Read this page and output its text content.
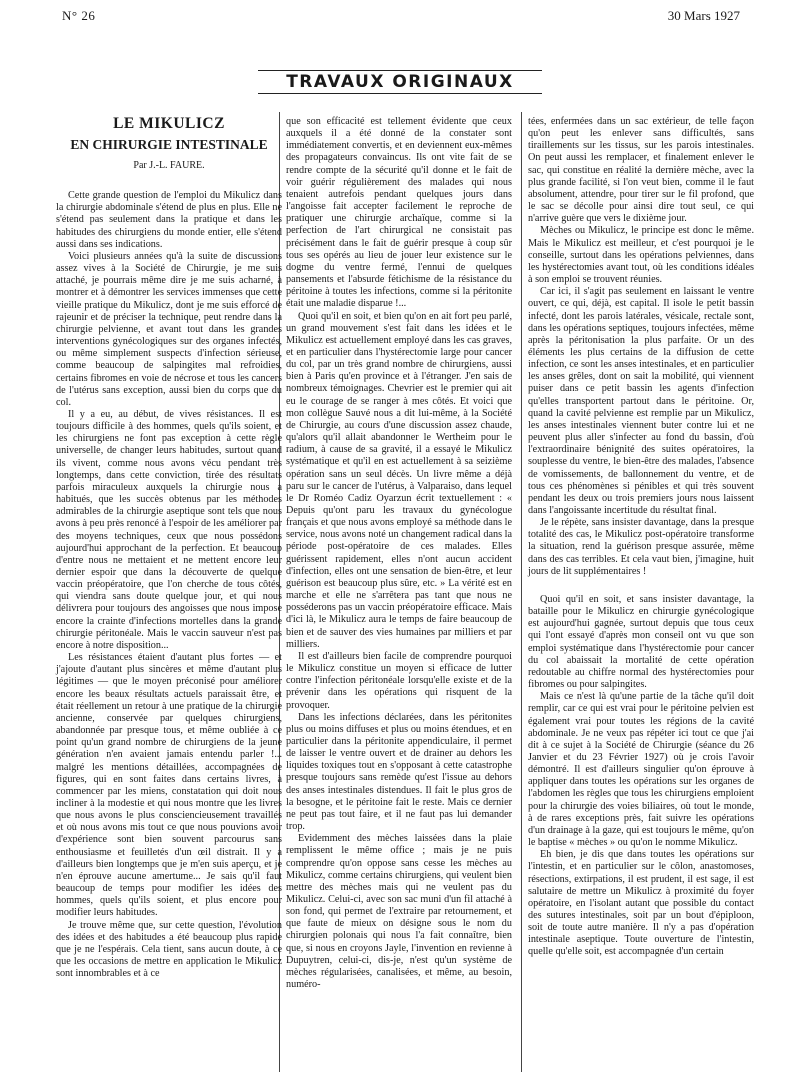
N° 26	30 Mars 1927
TRAVAUX ORIGINAUX
LE MIKULICZ
EN CHIRURGIE INTESTINALE
Par J.-L. FAURE.

Cette grande question de l'emploi du Mikulicz dans la chirurgie abdominale s'étend de plus en plus. Elle ne s'étend pas seulement dans la pratique et dans les habitudes des chirurgiens du monde entier, elle s'étend aussi dans ses indications.

Voici plusieurs années qu'à la suite de discussions assez vives à la Société de Chirurgie, je me suis attaché, je pourrais même dire je me suis acharné, à montrer et à démontrer les services immenses que cette vieille pratique du Mikulicz, dont je me suis efforcé de rajeunir et de préciser la technique, peut rendre dans la chirurgie pelvienne, et avant tout dans les grandes interventions gynécologiques sur des organes infectés, ou même simplement suspects d'infection sérieuse, comme beaucoup de salpingites mal refroidies, certains fibromes en voie de nécrose et tous les cancers de l'utérus sans exception, aussi bien du corps que du col.

Il y a eu, au début, de vives résistances. Il est toujours difficile à des hommes, quels qu'ils soient, et les chirurgiens ne font pas exception à cette règle universelle, de changer leurs habitudes, surtout quand ils vivent, comme nous avons vécu pendant très longtemps, dans cette conviction, tirée des résultats parfois miraculeux auxquels la chirurgie nous a habitués, que les succès obtenus par les méthodes admirables de la chirurgie aseptique sont tels que nous avons à peu près renoncé à l'espoir de les améliorer par des moyens techniques, ceux que nous possédons aujourd'hui approchant de la perfection. Et beaucoup d'entre nous ne mettaient et ne mettent encore leur dernier espoir que dans la découverte de quelque vaccin préopératoire, que l'on cherche de tous côtés, qui viendra sans doute quelque jour, et qui nous délivrera pour toujours des angoisses que nous impose encore la crainte d'infections mortelles dans la grande chirurgie péritonéale. Mais le vaccin sauveur n'est pas encore à notre disposition...

Les résistances étaient d'autant plus fortes — et j'ajoute d'autant plus sincères et même d'autant plus légitimes — que le moyen préconisé pour améliorer encore les beaux résultats actuels paraissait être, et était réellement un retour à une pratique de la chirurgie ancienne, conservée par quelques chirurgiens, abandonnée par presque tous, et même oubliée à ce point qu'un grand nombre de chirurgiens de la jeune génération n'en avaient jamais entendu parler !... malgré les mentions détaillées, accompagnées de figures, qui en sont faites dans certains livres, à commencer par les miens, constatation qui doit nous incliner à la modestie et qui nous montre que les livres que nous avons le plus consciencieusement travaillés et où nous avons mis tout ce que nous pouvions avoir d'expérience sont bien souvent parcourus sans enthousiasme et feuilletés d'un œil distrait. Il y a d'ailleurs bien longtemps que je m'en suis aperçu, et je n'en éprouve aucune amertume... Je sais qu'il faut beaucoup de temps pour modifier les idées des hommes, quels qu'ils soient, et plus encore pour modifier leurs habitudes.

Je trouve même que, sur cette question, l'évolution des idées et des habitudes a été beaucoup plus rapide que je ne l'espérais. Cela tient, sans aucun doute, à ce que les occasions de mettre en application le Mikulicz sont innombrables et à ce

que son efficacité est tellement évidente que ceux auxquels il a été donné de la constater sont immédiatement convertis, et en deviennent eux-mêmes des propagateurs convaincus. Ils ont vite fait de se rendre compte de la sécurité qu'il donne et le fait de voir guérir régulièrement des malades qui nous tenaient autrefois pendant quelques jours dans l'angoisse fait accepter facilement le reproche de pratiquer une chirurgie archaïque, comme si la perfection de l'art chirurgical ne consistait pas précisément dans le fait de guérir presque à coup sûr tous ses opérés au lieu de jouer leur existence sur le dogme du ventre fermé, l'ennui de quelques pansements et l'absurde fétichisme de la résistance du péritoine à toutes les infections, comme si la péritonite était une maladie disparue !...

Quoi qu'il en soit, et bien qu'on en ait fort peu parlé, un grand mouvement s'est fait dans les idées et le Mikulicz est actuellement employé dans les cas graves, et en particulier dans l'hystérectomie large pour cancer du col, par un très grand nombre de chirurgiens, aussi bien à Paris qu'en province et à l'étranger. J'en sais de nombreux témoignages. Chevrier est le premier qui ait eu le courage de se ranger à mes côtés. Et voici que mon collègue Sauvé nous a dit lui-même, à la Société de Chirurgie, au cours d'une discussion assez chaude, qu'alors qu'il allait abandonner le Wertheim pour le radium, à cause de sa gravité, il a essayé le Mikulicz systématique et qu'il en est actuellement à sa seizième opération sans un seul décès. Un livre même a déjà paru sur le cancer de l'utérus, à Valparaiso, dans lequel le Dr Roméo Cadiz Oyarzun écrit textuellement : « Depuis qu'ont paru les travaux du gynécologue français et que nous avons employé sa méthode dans le service, nous avons noté un changement radical dans la période post-opératoire de ces malades. Elles guérissent rapidement, elles n'ont aucun accident d'infection, elles ont une sensation de bien-être, et leur guérison est beaucoup plus sûre, etc. » La vérité est en marche et elle ne s'arrêtera pas tant que nous ne posséderons pas un vaccin préopératoire efficace. Mais d'ici là, le Mikulicz aura le temps de faire beaucoup de bien et de sauver des vies humaines par milliers et par milliers.

Il est d'ailleurs bien facile de comprendre pourquoi le Mikulicz constitue un moyen si efficace de lutter contre l'infection péritonéale lorsqu'elle existe et de la prévenir dans les opérations qui risquent de la provoquer.

Dans les infections déclarées, dans les péritonites plus ou moins diffuses et plus ou moins étendues, et en particulier dans la péritonite appendiculaire, il permet de laisser le ventre ouvert et de drainer au dehors les liquides toxiques tout en s'opposant à cette catastrophe presque toujours sans remède qu'est l'issue au dehors des anses intestinales distendues. Il fait le plus gros de la besogne, et le péritoine fait le reste. Mais ce dernier ne peut pas tout faire, et il ne faut pas lui demander trop.

Evidemment des mèches laissées dans la plaie remplissent le même office ; mais je ne puis comprendre qu'on oppose sans cesse les mèches au Mikulicz, comme certains chirurgiens, qui veulent bien mettre des mèches mais qui ne veulent pas du Mikulicz. Celui-ci, avec son sac muni d'un fil attaché à son fond, qui permet de l'extraire par retournement, et que faute de mieux on désigne sous le nom du chirurgien polonais qui nous l'a fait connaître, bien que, si nous en croyons Jayle, l'invention en revienne à Dupuytren, celui-ci, dis-je, n'est qu'un système de mèches régularisées, canalisées, et même, au besoin, numéro-

tées, enfermées dans un sac extérieur, de telle façon qu'on peut les enlever sans difficultés, sans tiraillements sur les tissus, sur les parois intestinales. On peut aussi les remplacer, et finalement enlever le sac, qui constitue en réalité la dernière mèche, avec la plus grande facilité, si l'on veut bien, comme il le faut absolument, attendre, pour tirer sur le fil profond, que le sac se décolle pour ainsi dire tout seul, ce qui n'arrive guère que vers le dixième jour.

Mèches ou Mikulicz, le principe est donc le même. Mais le Mikulicz est meilleur, et c'est pourquoi je le conseille, surtout dans les opérations pelviennes, dans les hystérectomies avant tout, où les conditions idéales à son emploi se trouvent réunies.

Car ici, il s'agit pas seulement en laissant le ventre ouvert, ce qui, déjà, est capital. Il isole le petit bassin infecté, dont les parois latérales, vésicale, rectale sont, dans les opérations septiques, toujours infectées, même après la péritonisation la plus parfaite. Or un des éléments les plus certains de la diffusion de cette infection, ce sont les anses intestinales, et en particulier les anses grêles, dont on sait la mobilité, qui viennent puiser dans ce petit bassin les agents d'infection qu'elles transportent partout dans le péritoine. Or, quand la cavité pelvienne est remplie par un Mikulicz, les anses intestinales viennent buter contre lui et ne peuvent plus aller s'infecter au fond du bassin, d'où l'extraordinaire bénignité des suites opératoires, la souplesse du ventre, le bien-être des malades, l'absence de vomissements, de ballonnement du ventre, et de tous ces phénomènes si pénibles et qui très souvent pendant les deux ou trois premiers jours nous laissent dans l'angoissante incertitude du résultat final.

Je le répète, sans insister davantage, dans la presque totalité des cas, le Mikulicz post-opératoire transforme la situation, rend la guérison presque assurée, même dans des cas terribles. Et cela vaut bien, j'imagine, huit jours de lit supplémentaires !

Quoi qu'il en soit, et sans insister davantage, la bataille pour le Mikulicz en chirurgie gynécologique est aujourd'hui gagnée, surtout depuis que tous ceux qui l'ont essayé d'après mon conseil ont vu que son emploi systématique dans l'hystérectomie pour cancer du col abaissait la mortalité de cette opération redoutable au chiffre normal des hystérectomies pour fibromes ou pour salpingites.

Mais ce n'est là qu'une partie de la tâche qu'il doit remplir, car ce qui est vrai pour le péritoine pelvien est également vrai pour toutes les régions de la cavité abdominale. Je ne veux pas répéter ici tout ce que j'ai dit à ce sujet à la Société de Chirurgie (séance du 26 Janvier et du 23 Février 1927) où je crois l'avoir démontré. Il est d'ailleurs singulier qu'on éprouve à appliquer dans toutes les opérations sur les organes de l'abdomen les règles que tous les chirurgiens emploient pour la chirurgie des voies biliaires, où tout le monde, à de rares exceptions près, fait suivre les opérations d'un drainage à la gaze, qui est toujours le même, qu'on le baptise « mèches » ou qu'on le nomme Mikulicz.

Eh bien, je dis que dans toutes les opérations sur l'intestin, et en particulier sur le côlon, anastomoses, résections, extirpations, il est prudent, il est sage, il est salutaire de mettre un Mikulicz à proximité du foyer opératoire, en l'isolant autant que possible du contact des sutures intestinales, soit par un bout d'épiploon, soit de toute autre manière. Il n'y a pas d'opération intestinale aseptique. Toute ouverture de l'intestin, quelle qu'elle soit, est accompagnée d'un certain
